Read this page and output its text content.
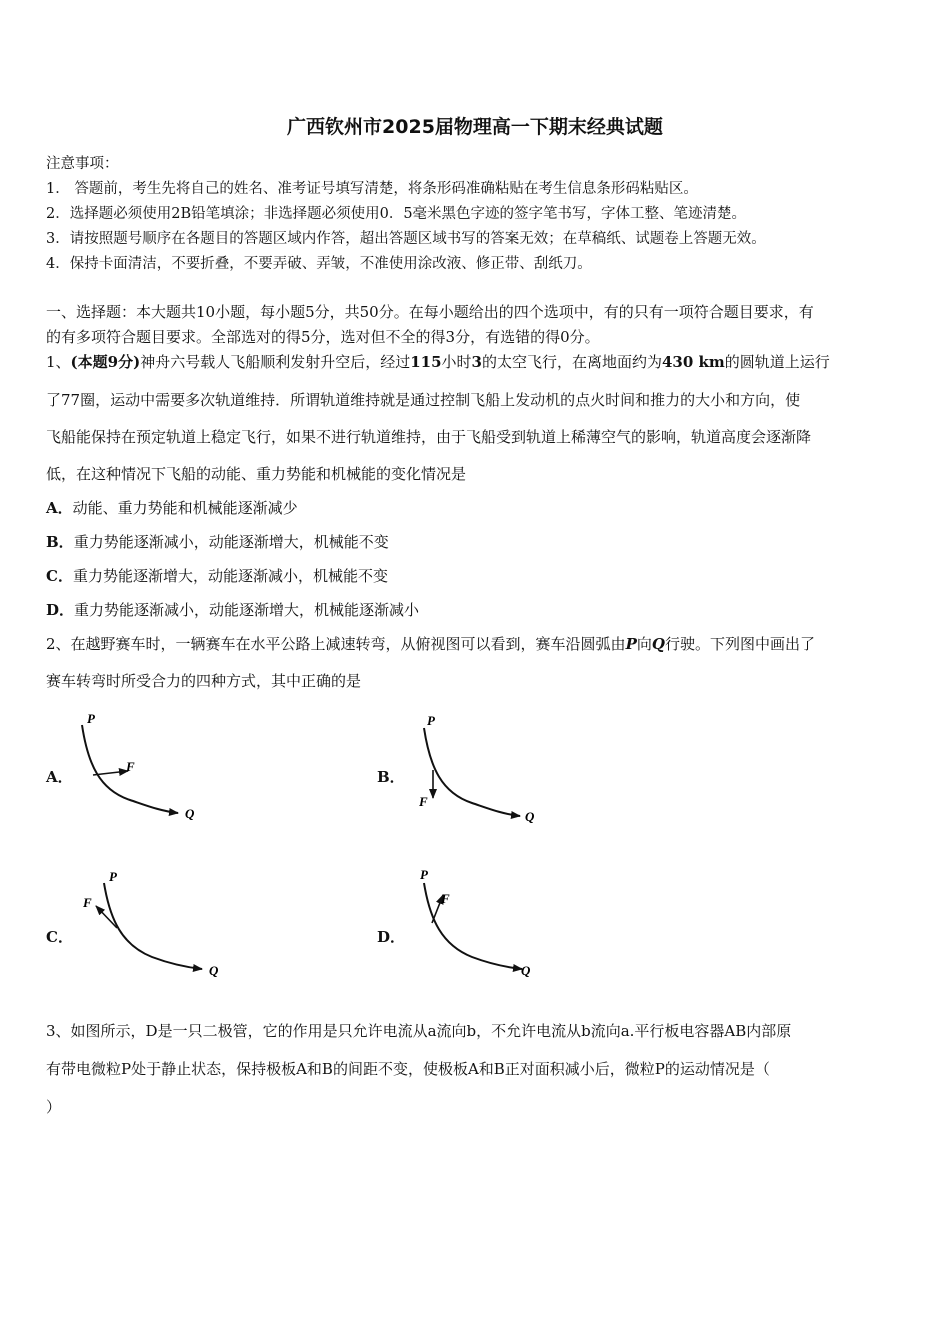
广西钦州市2025届物理高一下期末经典试题
注意事项：
1． 答题前，考生先将自己的姓名、准考证号填写清楚，将条形码准确粘贴在考生信息条形码粘贴区。
2．选择题必须使用2B铅笔填涂；非选择题必须使用0．5毫米黑色字迹的签字笔书写，字体工整、笔迹清楚。
3．请按照题号顺序在各题目的答题区域内作答，超出答题区域书写的答案无效；在草稿纸、试题卷上答题无效。
4．保持卡面清洁，不要折叠，不要弄破、弄皱，不准使用涂改液、修正带、刮纸刀。
一、选择题：本大题共10小题，每小题5分，共50分。在每小题给出的四个选项中，有的只有一项符合题目要求，有
的有多项符合题目要求。全部选对的得5分，选对但不全的得3分，有选错的得0分。
1、(本题9分)神舟六号载人飞船顺利发射升空后，经过115小时3的太空飞行，在离地面约为430 km的圆轨道上运行
了77圈，运动中需要多次轨道维持．所谓轨道维持就是通过控制飞船上发动机的点火时间和推力的大小和方向，使
飞船能保持在预定轨道上稳定飞行，如果不进行轨道维持，由于飞船受到轨道上稀薄空气的影响，轨道高度会逐渐降
低，在这种情况下飞船的动能、重力势能和机械能的变化情况是
A．动能、重力势能和机械能逐渐减少
B．重力势能逐渐减小，动能逐渐增大，机械能不变
C．重力势能逐渐增大，动能逐渐减小，机械能不变
D．重力势能逐渐减小，动能逐渐增大，机械能逐渐减小
2、在越野赛车时，一辆赛车在水平公路上减速转弯，从俯视图可以看到，赛车沿圆弧由P向Q行驶。下列图中画出了
赛车转弯时所受合力的四种方式，其中正确的是
A．	B．
C．	D．
P
F
Q
P
F
Q
P
F
Q
P
F
Q
3、如图所示，D是一只二极管，它的作用是只允许电流从a流向b，不允许电流从b流向a.平行板电容器AB内部原
有带电微粒P处于静止状态，保持极板A和B的间距不变，使极板A和B正对面积减小后，微粒P的运动情况是（
）
